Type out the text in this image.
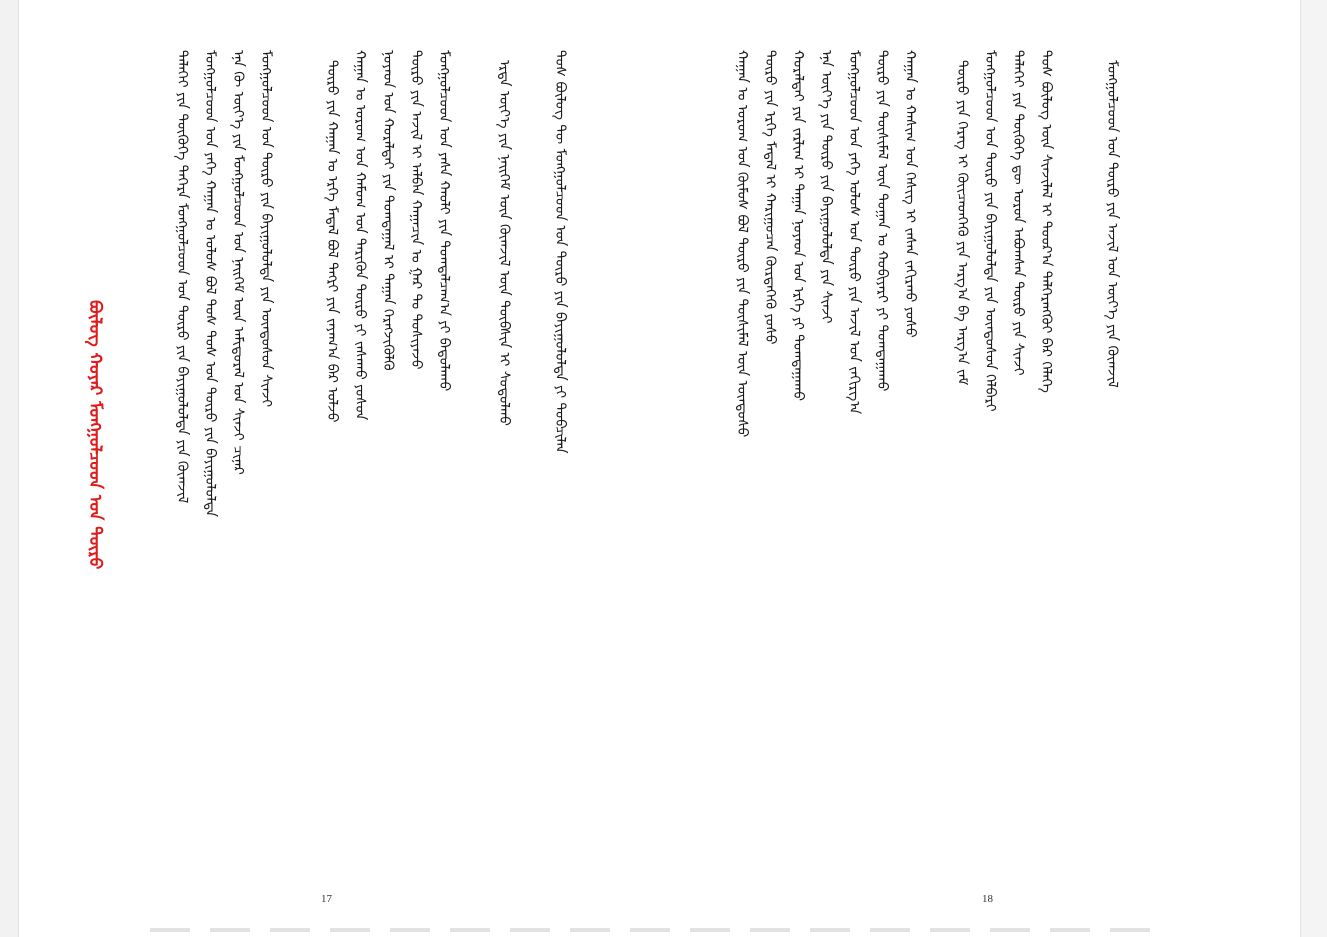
ᠪᠦᠯᠦᠭ᠌ ᠬᠣᠶᠠᠷ ᠮᠣᠩᠭᠣᠯᠴᠤᠳ ᠤᠨ ᠲᠦᠷᠦ	ᠳᠡᠯᠡᠬᠡᠢ ᠶᠢᠨ ᠲᠦᠭᠦᠬᠡ ᠳᠡᠭᠡᠷᠡ ᠮᠣᠩᠭᠣᠯᠴᠤᠳ ᠤᠨ ᠲᠥᠷᠦ ᠶᠢᠨ ᠪᠠᠶᠢᠭᠤᠯᠤᠯᠲᠠ ᠶᠢᠨ ᠬᠦᠭ᠍ᠵᠢᠯ ᠮᠣᠩᠭᠣᠯᠴᠤᠳ ᠤᠨ ᠶᠡᠬᠡ ᠬᠠᠭᠠᠨ ᠤ ᠤᠯᠤᠰ ᠪᠣᠯ ᠲᠤᠰ ᠲᠤᠰ ᠤᠨ ᠲᠥᠷᠦ ᠶᠢᠨ ᠪᠠᠶᠢᠭᠤᠯᠤᠯᠲᠠ ᠡᠨᠡ ᠬᠦ ᠦᠶ᠎ᠡ ᠶᠢᠨ ᠮᠣᠩᠭᠣᠯᠴᠤᠳ ᠤᠨ ᠨᠡᠢᠭᠡᠮ ᠦᠨ ᠠᠮᠢᠳᠤᠷᠠᠯ ᠤᠨ ᠰᠢᠨᠵᠢ ᠴᠢᠨᠠᠷ ᠮᠣᠩᠭᠣᠯᠴᠤᠳ ᠤᠨ ᠲᠥᠷᠦ ᠶᠢᠨ ᠪᠠᠶᠢᠭᠤᠯᠤᠯᠲᠠ ᠶᠢᠨ ᠦᠨᠳᠦᠰᠦᠨ ᠰᠢᠨᠵᠢ	ᠲᠥᠷᠦ ᠶᠢᠨ ᠬᠠᠭᠠᠨ ᠤ ᠡᠷᠬᠡ ᠮᠡᠳᠡᠯ ᠪᠣᠯ ᠲᠡᠭᠷᠢ ᠶᠢᠨ ᠵᠠᠶᠠᠭ᠎ᠠ ᠪᠠᠷ ᠣᠯᠵᠤ ᠬᠠᠭᠠᠨ ᠤ ᠤᠷᠤᠭ ᠤᠨ ᠬᠠᠮᠤᠭ ᠤᠨ ᠲᠡᠷᠢᠭᠦᠨ ᠲᠥᠷᠦ ᠶᠢ ᠵᠠᠰᠠᠬᠤ ᠶᠤᠰᠤᠨ ᠨᠣᠶᠠᠳ ᠤᠨ ᠬᠤᠷᠠᠯᠳᠠᠢ ᠶᠢᠨ ᠲᠣᠭᠲᠠᠭᠠᠯ ᠢ ᠳᠠᠭᠠᠨ ᠬᠡᠷᠡᠭᠵᠢᠭᠦᠯᠬᠦ ᠲᠥᠷᠦ ᠶᠢᠨ ᠠᠵᠢᠯ ᠢ ᠠᠯᠪᠠᠨ ᠬᠠᠭᠠᠴᠢᠨ ᠤ ᠭᠠᠷ ᠲᠤ ᠲᠤᠰᠢᠶᠠᠵᠤ ᠮᠣᠩᠭᠣᠯᠴᠤᠳ ᠤᠨ ᠶᠠᠰᠠ ᠬᠠᠤᠯᠢ ᠶᠢᠨ ᠲᠣᠭᠲᠠᠯᠴᠠᠭ᠎ᠠ ᠶᠢ ᠪᠠᠲᠤᠯᠠᠬᠤ	ᠡᠷᠲᠡ ᠦᠶ᠎ᠡ ᠶᠢᠨ ᠨᠡᠢᠭᠡᠮ ᠦᠨ ᠬᠦᠭ᠍ᠵᠢᠯ ᠦᠨ ᠲᠦᠪᠰᠢᠨ ᠢ ᠰᠤᠳᠤᠯᠬᠤ	ᠲᠤᠰ ᠪᠦᠯᠦᠭ ᠲᠦ ᠮᠣᠩᠭᠣᠯᠴᠤᠳ ᠤᠨ ᠲᠥᠷᠦ ᠶᠢᠨ ᠪᠠᠶᠢᠭᠤᠯᠤᠯᠲᠠ ᠶᠢ ᠲᠣᠪᠴᠢᠯᠠᠨ
17
ᠬᠠᠭᠠᠨ ᠤ ᠤᠷᠤᠭ ᠤᠨ ᠬᠦᠮᠦᠰ ᠪᠣᠯ ᠲᠥᠷᠦ ᠶᠢᠨ ᠲᠦᠰᠢᠮᠡᠯ ᠦᠨ ᠦᠨᠳᠦᠰᠦ ᠲᠥᠷᠦ ᠶᠢᠨ ᠡᠷᠬᠡ ᠮᠡᠳᠡᠯ ᠢ ᠬᠠᠷᠢᠭᠤᠴᠠᠨ ᠬᠦᠷᠲᠡᠭᠡᠬᠦ ᠶᠣᠰᠤ ᠬᠤᠷᠠᠯᠳᠠᠢ ᠶᠢᠨ ᠵᠠᠷᠯᠢᠭ ᠢ ᠳᠠᠭᠠᠨ ᠨᠣᠶᠠᠳ ᠤᠨ ᠡᠷᠬᠡ ᠶᠢ ᠲᠣᠭᠲᠠᠭᠠᠬᠤ ᠡᠨᠡ ᠦᠶ᠎ᠡ ᠶᠢᠨ ᠲᠥᠷᠦ ᠶᠢᠨ ᠪᠠᠶᠢᠭᠤᠯᠤᠯᠲᠠ ᠶᠢᠨ ᠰᠢᠨᠵᠢ ᠮᠣᠩᠭᠣᠯᠴᠤᠳ ᠤᠨ ᠶᠡᠬᠡ ᠤᠯᠤᠰ ᠤᠨ ᠲᠥᠷᠦ ᠶᠢᠨ ᠠᠵᠢᠯ ᠤᠨ ᠵᠠᠬᠢᠷᠭ᠎ᠠ ᠲᠥᠷᠦ ᠶᠢᠨ ᠲᠦᠰᠢᠮᠡᠯ ᠦᠨ ᠲᠣᠭᠠᠨ ᠤ ᠬᠤᠪᠢᠶᠠᠷᠢ ᠶᠢ ᠲᠣᠭᠲᠠᠭᠠᠬᠤ ᠬᠠᠭᠠᠨ ᠤ ᠬᠠᠰᠢᠭ ᠤᠨ ᠬᠡᠰᠢᠭ ᠢ ᠵᠠᠰᠠᠨ ᠵᠠᠬᠢᠷᠬᠤ ᠶᠣᠰᠤ	ᠲᠥᠷᠦ ᠶᠢᠨ ᠬᠡᠷᠡᠭ ᠢ ᠭᠦᠢᠴᠡᠳᠬᠡᠬᠦ ᠶᠢᠨ ᠠᠷᠭ᠎ᠠ ᠪᠠ ᠠᠷᠭ᠎ᠠ ᠵᠠᠮ ᠮᠣᠩᠭᠣᠯᠴᠤᠳ ᠤᠨ ᠲᠥᠷᠦ ᠶᠢᠨ ᠪᠠᠶᠢᠭᠤᠯᠤᠯᠲᠠ ᠶᠢᠨ ᠦᠨᠳᠦᠰᠦᠨ ᠬᠡᠯᠪᠡᠷᠢ ᠳᠡᠯᠡᠬᠡᠢ ᠶᠢᠨ ᠲᠦᠭᠦᠬᠡ ᠳᠦ ᠣᠷᠣᠨ ᠠᠪᠤᠭᠰᠠᠨ ᠲᠥᠷᠦ ᠶᠢᠨ ᠰᠢᠨᠵᠢ ᠲᠤᠰ ᠪᠦᠯᠦᠭ ᠦᠨ ᠰᠢᠨᠵᠢᠯᠡᠯ ᠢ ᠳᠣᠣᠷ᠎ᠠ ᠳᠡᠯᠭᠡᠷᠡᠩᠭᠦᠢ ᠪᠠᠷ ᠬᠡᠯᠡᠭᠡ	ᠮᠣᠩᠭᠣᠯᠴᠤᠳ ᠤᠨ ᠲᠥᠷᠦ ᠶᠢᠨ ᠠᠵᠢᠯ ᠤᠨ ᠦᠶ᠎ᠡ ᠶᠢᠨ ᠬᠦᠭ᠍ᠵᠢᠯ
18
